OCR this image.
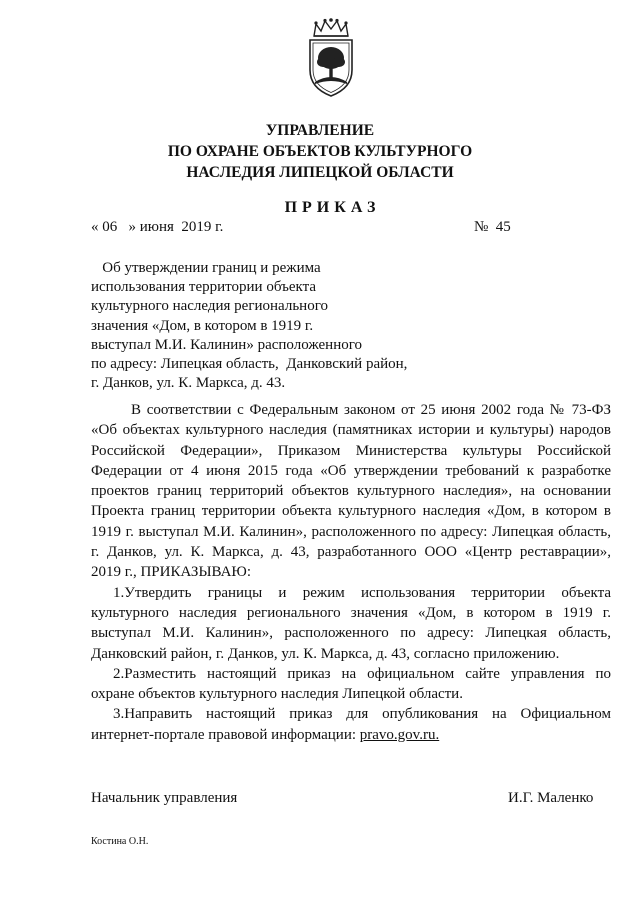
УПРАВЛЕНИЕ
ПО ОХРАНЕ ОБЪЕКТОВ КУЛЬТУРНОГО
НАСЛЕДИЯ ЛИПЕЦКОЙ ОБЛАСТИ
ПРИКАЗ
« 06   » июня  2019 г.	№  45
Об утверждении границ и режима
использования территории объекта
культурного наследия регионального
значения «Дом, в котором в 1919 г.
выступал М.И. Калинин» расположенного
по адресу: Липецкая область,  Данковский район,
г. Данков, ул. К. Маркса, д. 43.
В соответствии с Федеральным законом от 25 июня 2002 года № 73-ФЗ
«Об объектах культурного наследия (памятниках истории и культуры) народов
Российской Федерации», Приказом Министерства культуры Российской
Федерации от 4 июня 2015 года «Об утверждении требований к разработке
проектов границ территорий объектов культурного наследия», на основании
Проекта границ территории объекта культурного наследия «Дом, в котором в
1919 г. выступал М.И. Калинин», расположенного по адресу: Липецкая область,
г. Данков, ул. К. Маркса, д. 43, разработанного ООО «Центр реставрации»,
2019 г., ПРИКАЗЫВАЮ:
1.Утвердить границы и режим использования территории объекта
культурного наследия регионального значения «Дом, в котором в 1919 г.
выступал М.И. Калинин», расположенного по адресу: Липецкая область,
Данковский район, г. Данков, ул. К. Маркса, д. 43, согласно приложению.
2.Разместить настоящий приказ на официальном сайте управления по
охране объектов культурного наследия Липецкой области.
3.Направить настоящий приказ для опубликования на Официальном
интернет-портале правовой информации: pravo.gov.ru.
Начальник управления	И.Г. Маленко
Костина О.Н.
